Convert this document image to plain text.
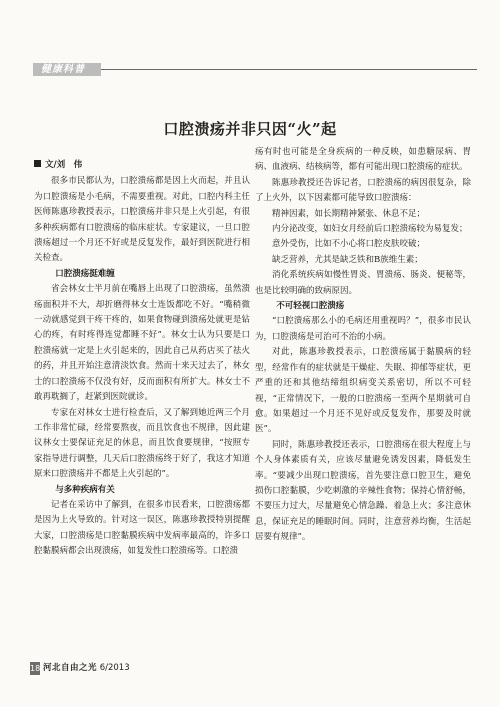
健康科普
口腔溃疡并非只因“火”起

文/刘　伟

很多市民都认为，口腔溃疡都是因上火而起，并且认为口腔溃疡是小毛病，不需要重视。对此，口腔内科主任医师陈惠珍教授表示，口腔溃疡并非只是上火引起，有很多种疾病都有口腔溃疡的临床症状。专家建议，一旦口腔溃疡超过一个月还不好或是反复发作，最好到医院进行相关检查。

口腔溃疡挺难缠

省会林女士半月前在嘴唇上出现了口腔溃疡，虽然溃疡面积并不大，却折磨得林女士连饭都吃不好。“嘴稍微一动就感觉到干疼干疼的，如果食物碰到溃疡处就更是钻心的疼，有时疼得连觉都睡不好”。林女士认为只要是口腔溃疡就一定是上火引起来的，因此自己从药店买了祛火的药，并且开始注意清淡饮食。然而十来天过去了，林女士的口腔溃疡不仅没有好，反而面积有所扩大。林女士不敢再耽搁了，赶紧到医院就诊。

专家在对林女士进行检查后，又了解到她近两三个月工作非常忙碌，经常要熬夜，而且饮食也不规律，因此建议林女士要保证充足的休息，而且饮食要规律，“按照专家指导进行调整，几天后口腔溃疡终于好了，我这才知道原来口腔溃疡并不都是上火引起的”。

与多种疾病有关

记者在采访中了解到，在很多市民看来，口腔溃疡都是因为上火导致的。针对这一误区，陈惠珍教授特别提醒大家，口腔溃疡是口腔黏膜疾病中发病率最高的，许多口腔黏膜病都会出现溃疡，如复发性口腔溃疡等。口腔溃

疡有时也可能是全身疾病的一种反映，如患糖尿病、胃病、血液病、结核病等，都有可能出现口腔溃疡的症状。

陈惠珍教授还告诉记者，口腔溃疡的病因很复杂，除了上火外，以下因素都可能导致口腔溃疡：

精神因素，如长期精神紧张、休息不足；

内分泌改变，如妇女月经前后口腔溃疡较为易复发；

意外受伤，比如不小心将口腔皮肤咬破；

缺乏营养，尤其是缺乏铁和B族维生素；

消化系统疾病如慢性胃炎、胃溃疡、肠炎、便秘等，也是比较明确的致病原因。

不可轻视口腔溃疡

“口腔溃疡那么小的毛病还用重视吗？”，很多市民认为，口腔溃疡是可治可不治的小病。

对此，陈惠珍教授表示，口腔溃疡属于黏膜病的轻型，经常作有的症状就是干燥症、失眠、抑郁等症状，更严重的还和其他结缔组织病变关系密切，所以不可轻视，“正常情况下，一般的口腔溃疡一至两个星期就可自愈。如果超过一个月还不见好或反复发作，那要及时就医”。

同时，陈惠珍教授还表示，口腔溃疡在很大程度上与个人身体素质有关，应该尽量避免诱发因素，降低发生率。“要减少出现口腔溃疡，首先要注意口腔卫生，避免损伤口腔黏膜，少吃刺激的辛辣性食物；保持心情舒畅，不要压力过大，尽量避免心情急躁、着急上火；多注意休息，保证充足的睡眠时间。同时，注意营养均衡，生活起居要有规律”。

18 河北自由之光 6/2013
